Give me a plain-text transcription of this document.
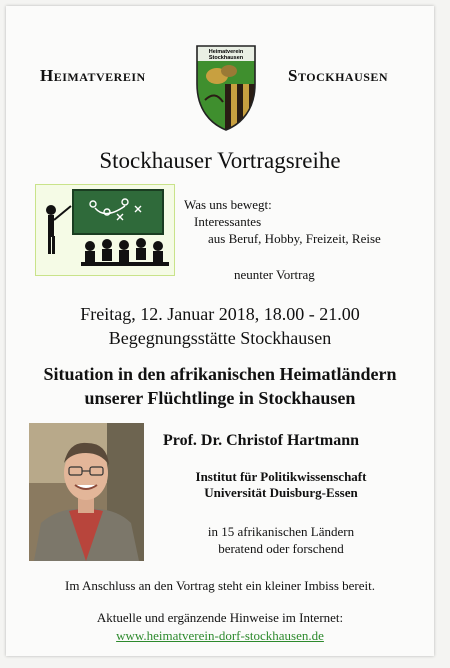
Heimatverein
Heimatverein
Stockhausen
Stockhausen
Stockhauser Vortragsreihe
Was uns bewegt:
Interessantes
aus Beruf, Hobby, Freizeit, Reise
neunter Vortrag
Freitag, 12. Januar 2018, 18.00 - 21.00
Begegnungsstätte Stockhausen
Situation in den afrikanischen Heimatländern
unserer Flüchtlinge in Stockhausen
Prof. Dr. Christof Hartmann
Institut für Politikwissenschaft
Universität Duisburg-Essen
in 15 afrikanischen Ländern
beratend oder forschend
Im Anschluss an den Vortrag steht ein kleiner Imbiss bereit.
Aktuelle und ergänzende Hinweise im Internet:
www.heimatverein-dorf-stockhausen.de
